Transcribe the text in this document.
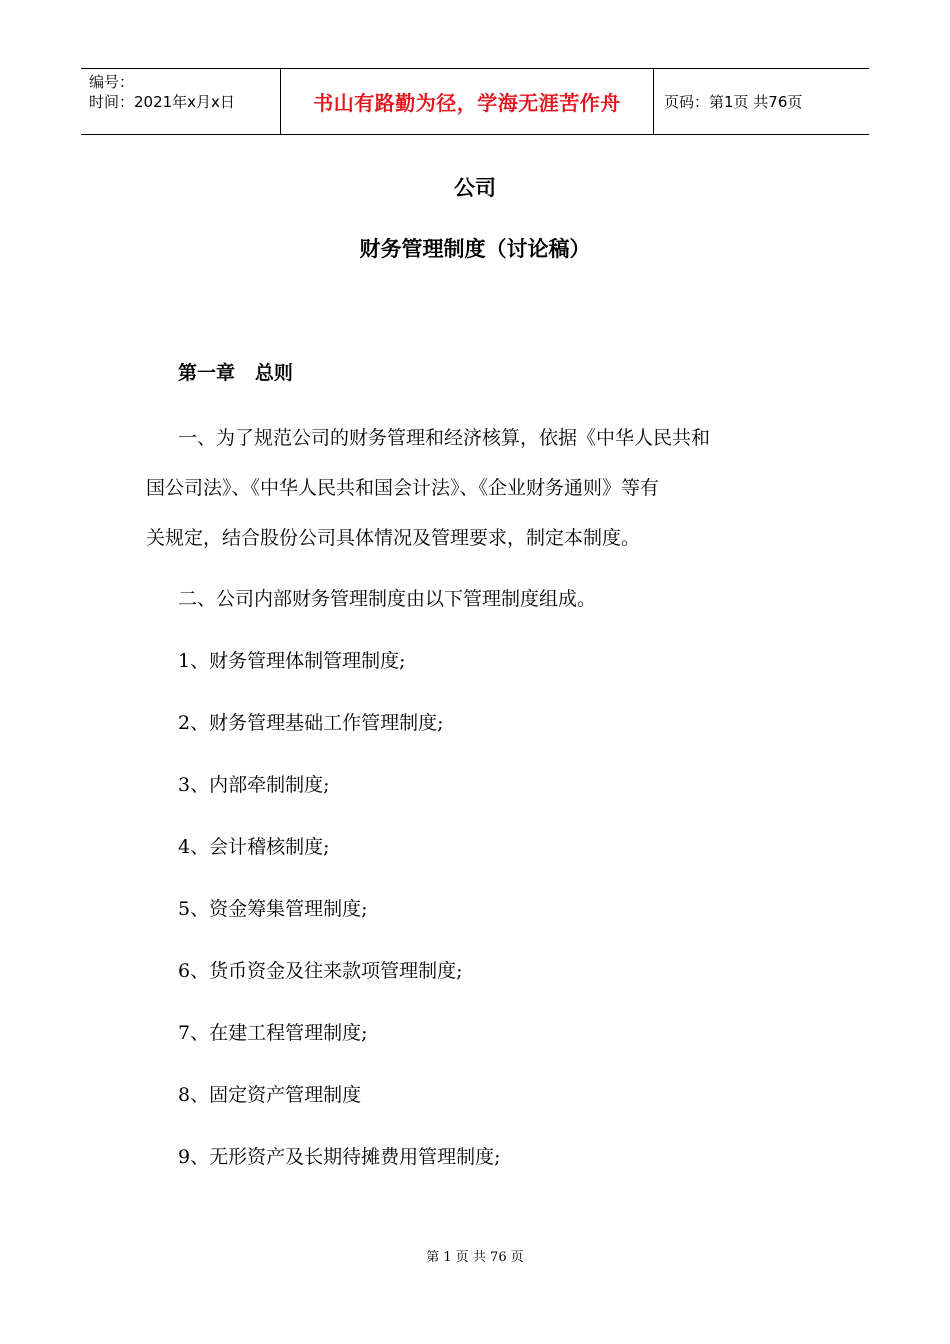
编号：
时间：2021年x月x日	书山有路勤为径，学海无涯苦作舟	页码：第1页 共76页
公司
财务管理制度（讨论稿）
第一章   总则
一、为了规范公司的财务管理和经济核算，依据《中华人民共和
国公司法》、《中华人民共和国会计法》、《企业财务通则》等有
关规定，结合股份公司具体情况及管理要求，制定本制度。
二、公司内部财务管理制度由以下管理制度组成。
1、财务管理体制管理制度;
2、财务管理基础工作管理制度;
3、内部牵制制度;
4、会计稽核制度;
5、资金筹集管理制度;
6、货币资金及往来款项管理制度;
7、在建工程管理制度;
8、固定资产管理制度
9、无形资产及长期待摊费用管理制度;
第 1 页 共 76 页
